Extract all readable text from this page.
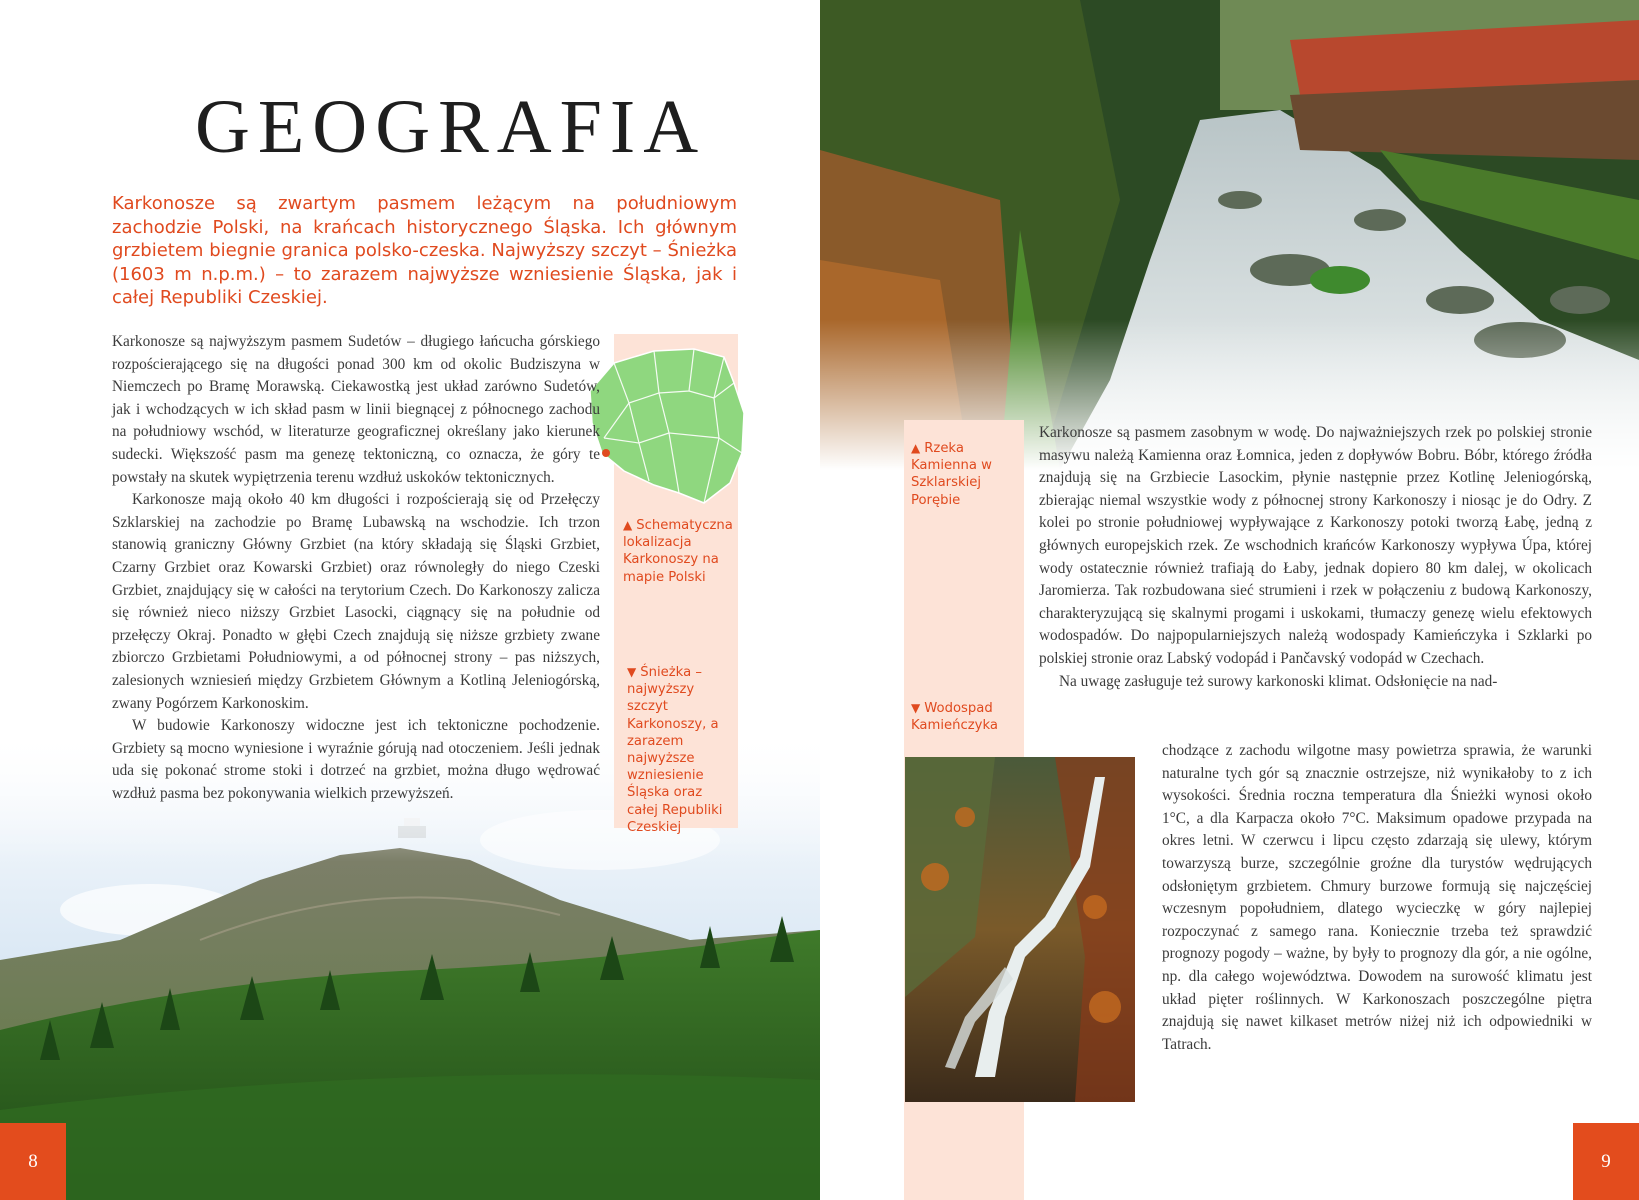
GEOGRAFIA

Karkonosze są zwartym pasmem leżącym na południowym zachodzie Polski, na krańcach historycznego Śląska. Ich głównym grzbietem biegnie granica polsko-czeska. Najwyższy szczyt – Śnieżka (1603 m n.p.m.) – to zarazem najwyższe wzniesienie Śląska, jak i całej Republiki Czeskiej.

▲ Schematyczna lokalizacja Karkonoszy na mapie Polski
▼ Śnieżka – najwyższy szczyt Karkonoszy, a zarazem najwyższe wzniesienie Śląska oraz całej Republiki Czeskiej

Karkonosze są najwyższym pasmem Sudetów – długiego łańcucha górskiego rozpościerającego się na długości ponad 300 km od okolic Budziszyna w Niemczech po Bramę Morawską. Ciekawostką jest układ zarówno Sudetów, jak i wchodzących w ich skład pasm w linii biegnącej z północnego zachodu na południowy wschód, w literaturze geograficznej określany jako kierunek sudecki. Większość pasm ma genezę tektoniczną, co oznacza, że góry te powstały na skutek wypiętrzenia terenu wzdłuż uskoków tektonicznych.

Karkonosze mają około 40 km długości i rozpościerają się od Przełęczy Szklarskiej na zachodzie po Bramę Lubawską na wschodzie. Ich trzon stanowią graniczny Główny Grzbiet (na który składają się Śląski Grzbiet, Czarny Grzbiet oraz Kowarski Grzbiet) oraz równoległy do niego Czeski Grzbiet, znajdujący się w całości na terytorium Czech. Do Karkonoszy zalicza się również nieco niższy Grzbiet Lasocki, ciągnący się na południe od przełęczy Okraj. Ponadto w głębi Czech znajdują się niższe grzbiety zwane zbiorczo Grzbietami Południowymi, a od północnej strony – pas niższych, zalesionych wzniesień między Grzbietem Głównym a Kotliną Jeleniogórską, zwany Pogórzem Karkonoskim.

W budowie Karkonoszy widoczne jest ich tektoniczne pochodzenie. Grzbiety są mocno wyniesione i wyraźnie górują nad otoczeniem. Jeśli jednak uda się pokonać strome stoki i dotrzeć na grzbiet, można długo wędrować wzdłuż pasma bez pokonywania wielkich przewyższeń.

8
▲ Rzeka Kamienna w Szklarskiej Porębie
▼ Wodospad Kamieńczyka

Karkonosze są pasmem zasobnym w wodę. Do najważniejszych rzek po polskiej stronie masywu należą Kamienna oraz Łomnica, jeden z dopływów Bobru. Bóbr, którego źródła znajdują się na Grzbiecie Lasockim, płynie następnie przez Kotlinę Jeleniogórską, zbierając niemal wszystkie wody z północnej strony Karkonoszy i niosąc je do Odry. Z kolei po stronie południowej wypływające z Karkonoszy potoki tworzą Łabę, jedną z głównych europejskich rzek. Ze wschodnich krańców Karkonoszy wypływa Úpa, której wody ostatecznie również trafiają do Łaby, jednak dopiero 80 km dalej, w okolicach Jaromierza. Tak rozbudowana sieć strumieni i rzek w połączeniu z budową Karkonoszy, charakteryzującą się skalnymi progami i uskokami, tłumaczy genezę wielu efektowych wodospadów. Do najpopularniejszych należą wodospady Kamieńczyka i Szklarki po polskiej stronie oraz Labský vodopád i Pančavský vodopád w Czechach.

Na uwagę zasługuje też surowy karkonoski klimat. Odsłonięcie na nad-

chodzące z zachodu wilgotne masy powietrza sprawia, że warunki naturalne tych gór są znacznie ostrzejsze, niż wynikałoby to z ich wysokości. Średnia roczna temperatura dla Śnieżki wynosi około 1°C, a dla Karpacza około 7°C. Maksimum opadowe przypada na okres letni. W czerwcu i lipcu często zdarzają się ulewy, którym towarzyszą burze, szczególnie groźne dla turystów wędrujących odsłoniętym grzbietem. Chmury burzowe formują się najczęściej wczesnym popołudniem, dlatego wycieczkę w góry najlepiej rozpoczynać z samego rana. Koniecznie trzeba też sprawdzić prognozy pogody – ważne, by były to prognozy dla gór, a nie ogólne, np. dla całego województwa. Dowodem na surowość klimatu jest układ pięter roślinnych. W Karkonoszach poszczególne piętra znajdują się nawet kilkaset metrów niżej niż ich odpowiedniki w Tatrach.

9
